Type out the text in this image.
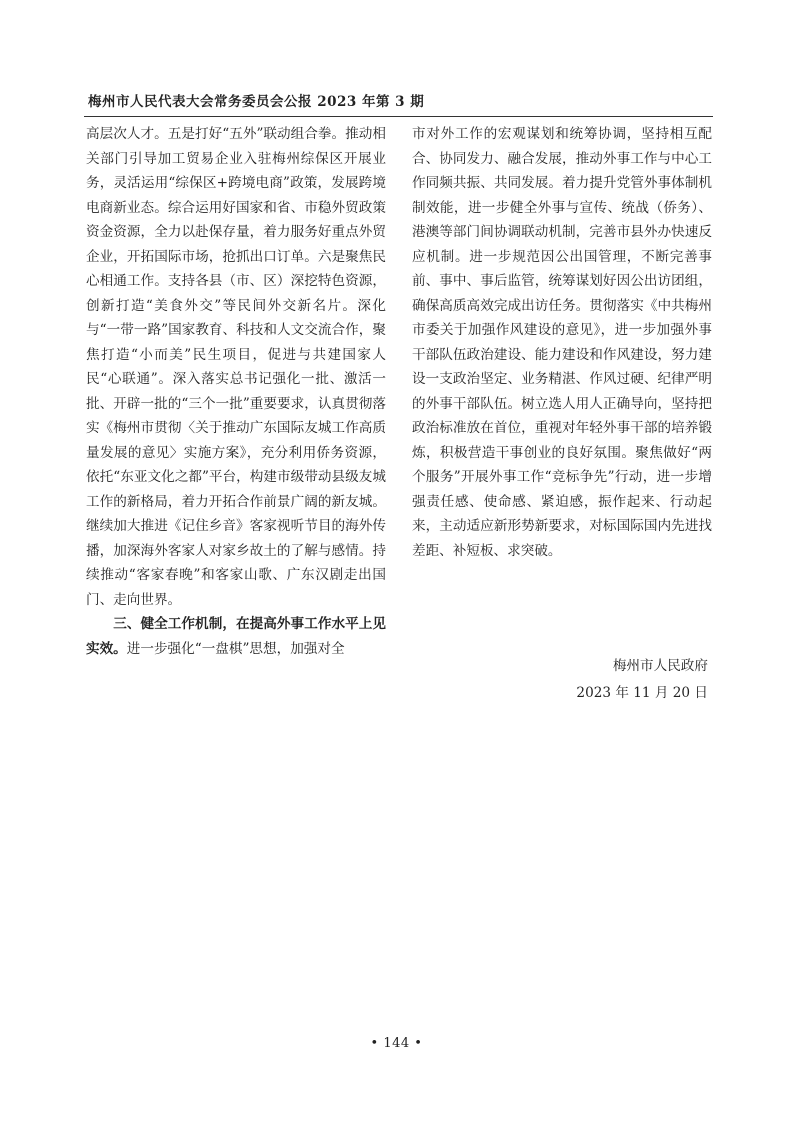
梅州市人民代表大会常务委员会公报 2023 年第 3 期

高层次人才。五是打好“五外”联动组合拳。推动相关部门引导加工贸易企业入驻梅州综保区开展业务，灵活运用“综保区+跨境电商”政策，发展跨境电商新业态。综合运用好国家和省、市稳外贸政策资金资源，全力以赴保存量，着力服务好重点外贸企业，开拓国际市场，抢抓出口订单。六是聚焦民心相通工作。支持各县（市、区）深挖特色资源，创新打造“美食外交”等民间外交新名片。深化与“一带一路”国家教育、科技和人文交流合作，聚焦打造“小而美”民生项目，促进与共建国家人民“心联通”。深入落实总书记强化一批、激活一批、开辟一批的“三个一批”重要要求，认真贯彻落实《梅州市贯彻〈关于推动广东国际友城工作高质量发展的意见〉实施方案》，充分利用侨务资源，依托“东亚文化之都”平台，构建市级带动县级友城工作的新格局，着力开拓合作前景广阔的新友城。继续加大推进《记住乡音》客家视听节目的海外传播，加深海外客家人对家乡故土的了解与感情。持续推动“客家春晚”和客家山歌、广东汉剧走出国门、走向世界。

三、健全工作机制，在提高外事工作水平上见实效。进一步强化“一盘棋”思想，加强对全

市对外工作的宏观谋划和统筹协调，坚持相互配合、协同发力、融合发展，推动外事工作与中心工作同频共振、共同发展。着力提升党管外事体制机制效能，进一步健全外事与宣传、统战（侨务）、港澳等部门间协调联动机制，完善市县外办快速反应机制。进一步规范因公出国管理，不断完善事前、事中、事后监管，统筹谋划好因公出访团组，确保高质高效完成出访任务。贯彻落实《中共梅州市委关于加强作风建设的意见》，进一步加强外事干部队伍政治建设、能力建设和作风建设，努力建设一支政治坚定、业务精湛、作风过硬、纪律严明的外事干部队伍。树立选人用人正确导向，坚持把政治标准放在首位，重视对年轻外事干部的培养锻炼，积极营造干事创业的良好氛围。聚焦做好“两个服务”开展外事工作“竞标争先”行动，进一步增强责任感、使命感、紧迫感，振作起来、行动起来，主动适应新形势新要求，对标国际国内先进找差距、补短板、求突破。

梅州市人民政府
2023 年 11 月 20 日
• 144 •
